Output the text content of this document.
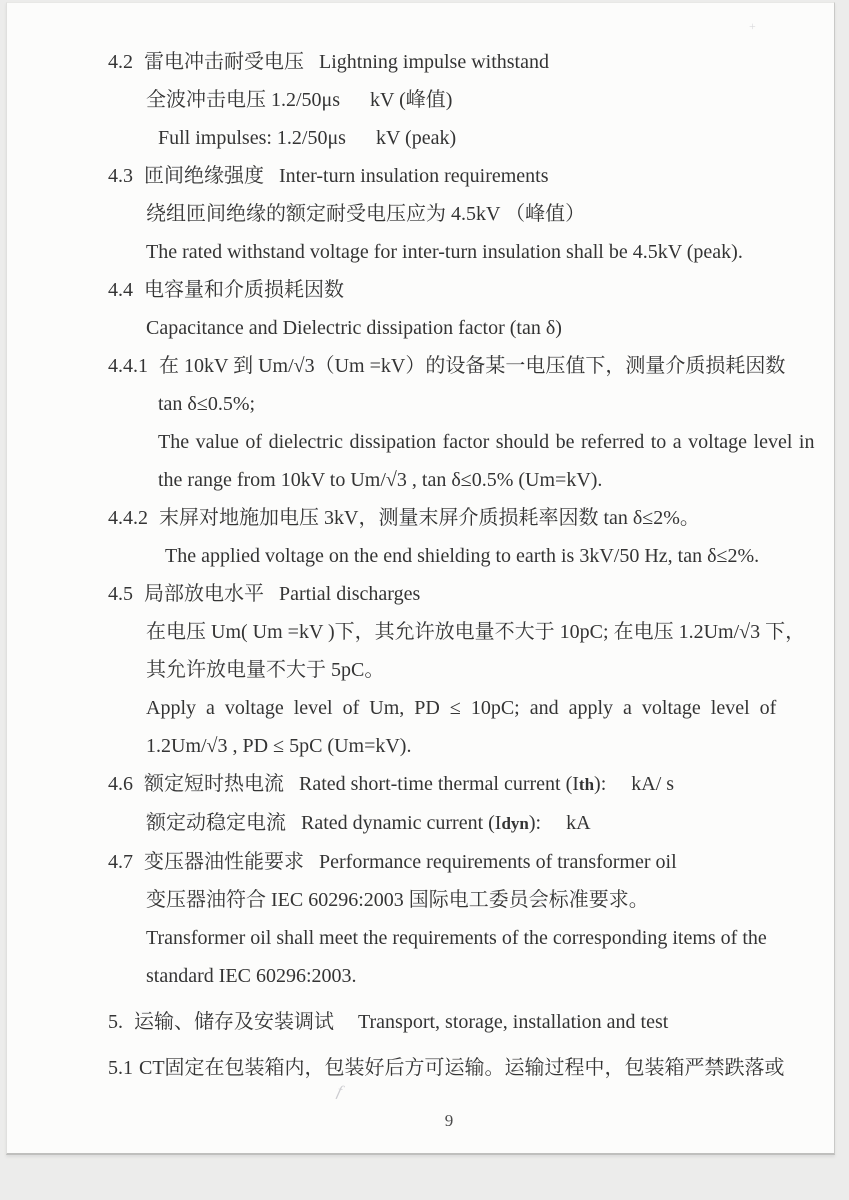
4.2 雷电冲击耐受电压 Lightning impulse withstand
全波冲击电压 1.2/50μs      kV (峰值)
Full impulses: 1.2/50μs      kV (peak)
4.3 匝间绝缘强度 Inter-turn insulation requirements
绕组匝间绝缘的额定耐受电压应为 4.5kV （峰值）
The rated withstand voltage for inter-turn insulation shall be 4.5kV (peak).
4.4 电容量和介质损耗因数
Capacitance and Dielectric dissipation factor (tan δ)
4.4.1 在 10kV 到 Um/√3（Um =kV）的设备某一电压值下，测量介质损耗因数
tan δ≤0.5%;
The value of dielectric dissipation factor should be referred to a voltage level in
the range from 10kV to Um/√3 , tan δ≤0.5% (Um=kV).
4.4.2 末屏对地施加电压 3kV，测量末屏介质损耗率因数 tan δ≤2%。
The applied voltage on the end shielding to earth is 3kV/50 Hz, tan δ≤2%.
4.5 局部放电水平 Partial discharges
在电压 Um( Um =kV )下，其允许放电量不大于 10pC; 在电压 1.2Um/√3 下，
其允许放电量不大于 5pC。
Apply a voltage level of Um, PD ≤ 10pC; and apply a voltage level of
1.2Um/√3 , PD ≤ 5pC (Um=kV).
4.6 额定短时热电流 Rated short-time thermal current (Ith):     kA/ s
额定动稳定电流 Rated dynamic current (Idyn):     kA
4.7 变压器油性能要求 Performance requirements of transformer oil
变压器油符合 IEC 60296:2003 国际电工委员会标准要求。
Transformer oil shall meet the requirements of the corresponding items of the
standard IEC 60296:2003.
5. 运输、储存及安装调试 Transport, storage, installation and test
5.1 CT固定在包装箱内，包装好后方可运输。运输过程中，包装箱严禁跌落或
9
f
+
